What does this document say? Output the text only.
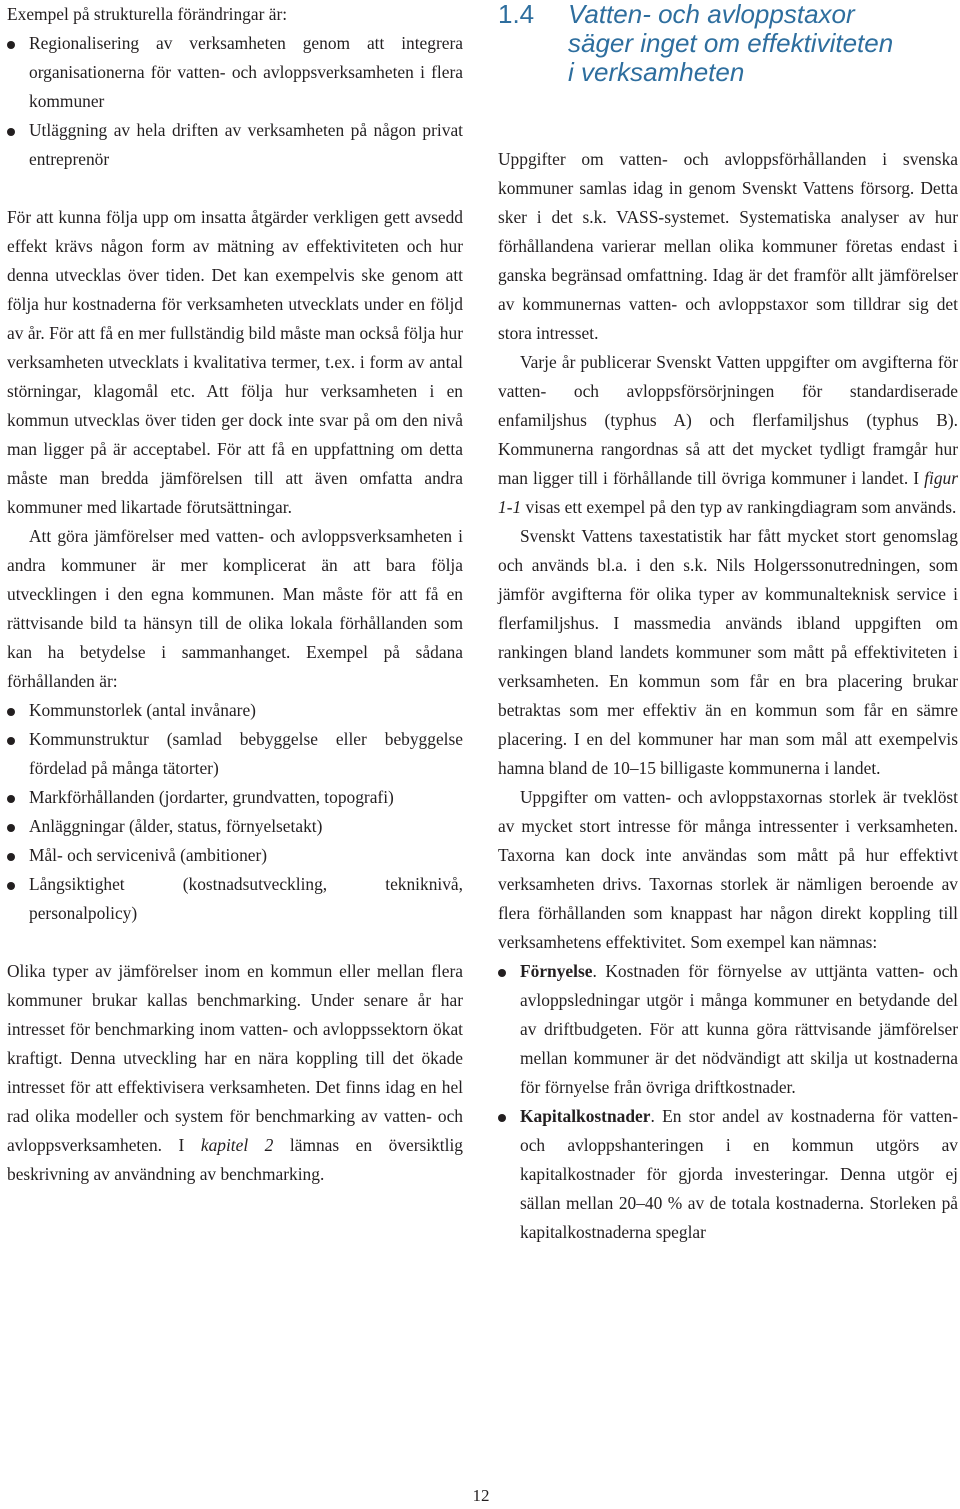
Exempel på strukturella förändringar är:

Regionalisering av verksamheten genom att integrera organisationerna för vatten- och avloppsverksamheten i flera kommuner
Utläggning av hela driften av verksamheten på någon privat entreprenör

För att kunna följa upp om insatta åtgärder verkligen gett avsedd effekt krävs någon form av mätning av effektiviteten och hur denna utvecklas över tiden. Det kan exempelvis ske genom att följa hur kostnaderna för verksamheten utvecklats under en följd av år. För att få en mer fullständig bild måste man också följa hur verksamheten utvecklats i kvalitativa termer, t.ex. i form av antal störningar, klagomål etc. Att följa hur verksamheten i en kommun utvecklas över tiden ger dock inte svar på om den nivå man ligger på är acceptabel. För att få en uppfattning om detta måste man bredda jämförelsen till att även omfatta andra kommuner med likartade förutsättningar.

Att göra jämförelser med vatten- och avloppsverksamheten i andra kommuner är mer komplicerat än att bara följa utvecklingen i den egna kommunen. Man måste för att få en rättvisande bild ta hänsyn till de olika lokala förhållanden som kan ha betydelse i sammanhanget. Exempel på sådana förhållanden är:

Kommunstorlek (antal invånare)
Kommunstruktur (samlad bebyggelse eller bebyggelse fördelad på många tätorter)
Markförhållanden (jordarter, grundvatten, topografi)
Anläggningar (ålder, status, förnyelsetakt)
Mål- och servicenivå (ambitioner)
Långsiktighet (kostnadsutveckling, tekniknivå, personalpolicy)

Olika typer av jämförelser inom en kommun eller mellan flera kommuner brukar kallas benchmarking. Under senare år har intresset för benchmarking inom vatten- och avloppssektorn ökat kraftigt. Denna utveckling har en nära koppling till det ökade intresset för att effektivisera verksamheten. Det finns idag en hel rad olika modeller och system för benchmarking av vatten- och avloppsverksamheten. I kapitel 2 lämnas en översiktlig beskrivning av användning av benchmarking.

1.4 Vatten- och avloppstaxor
säger inget om effektiviteten
i verksamheten

Uppgifter om vatten- och avloppsförhållanden i svenska kommuner samlas idag in genom Svenskt Vattens försorg. Detta sker i det s.k. VASS-systemet. Systematiska analyser av hur förhållandena varierar mellan olika kommuner företas endast i ganska begränsad omfattning. Idag är det framför allt jämförelser av kommunernas vatten- och avloppstaxor som tilldrar sig det stora intresset.

Varje år publicerar Svenskt Vatten uppgifter om avgifterna för vatten- och avloppsförsörjningen för standardiserade enfamiljshus (typhus A) och flerfamiljshus (typhus B). Kommunerna rangordnas så att det mycket tydligt framgår hur man ligger till i förhållande till övriga kommuner i landet. I figur 1-1 visas ett exempel på den typ av rankingdiagram som används.

Svenskt Vattens taxestatistik har fått mycket stort genomslag och används bl.a. i den s.k. Nils Holgerssonutredningen, som jämför avgifterna för olika typer av kommunalteknisk service i flerfamiljshus. I massmedia används ibland uppgiften om rankingen bland landets kommuner som mått på effektiviteten i verksamheten. En kommun som får en bra placering brukar betraktas som mer effektiv än en kommun som får en sämre placering. I en del kommuner har man som mål att exempelvis hamna bland de 10–15 billigaste kommunerna i landet.

Uppgifter om vatten- och avloppstaxornas storlek är tveklöst av mycket stort intresse för många intressenter i verksamheten. Taxorna kan dock inte användas som mått på hur effektivt verksamheten drivs. Taxornas storlek är nämligen beroende av flera förhållanden som knappast har någon direkt koppling till verksamhetens effektivitet. Som exempel kan nämnas:

Förnyelse. Kostnaden för förnyelse av uttjänta vatten- och avloppsledningar utgör i många kommuner en betydande del av driftbudgeten. För att kunna göra rättvisande jämförelser mellan kommuner är det nödvändigt att skilja ut kostnaderna för förnyelse från övriga driftkostnader.
Kapitalkostnader. En stor andel av kostnaderna för vatten- och avloppshanteringen i en kommun utgörs av kapitalkostnader för gjorda investeringar. Denna utgör ej sällan mellan 20–40 % av de totala kostnaderna. Storleken på kapitalkostnaderna speglar
12
